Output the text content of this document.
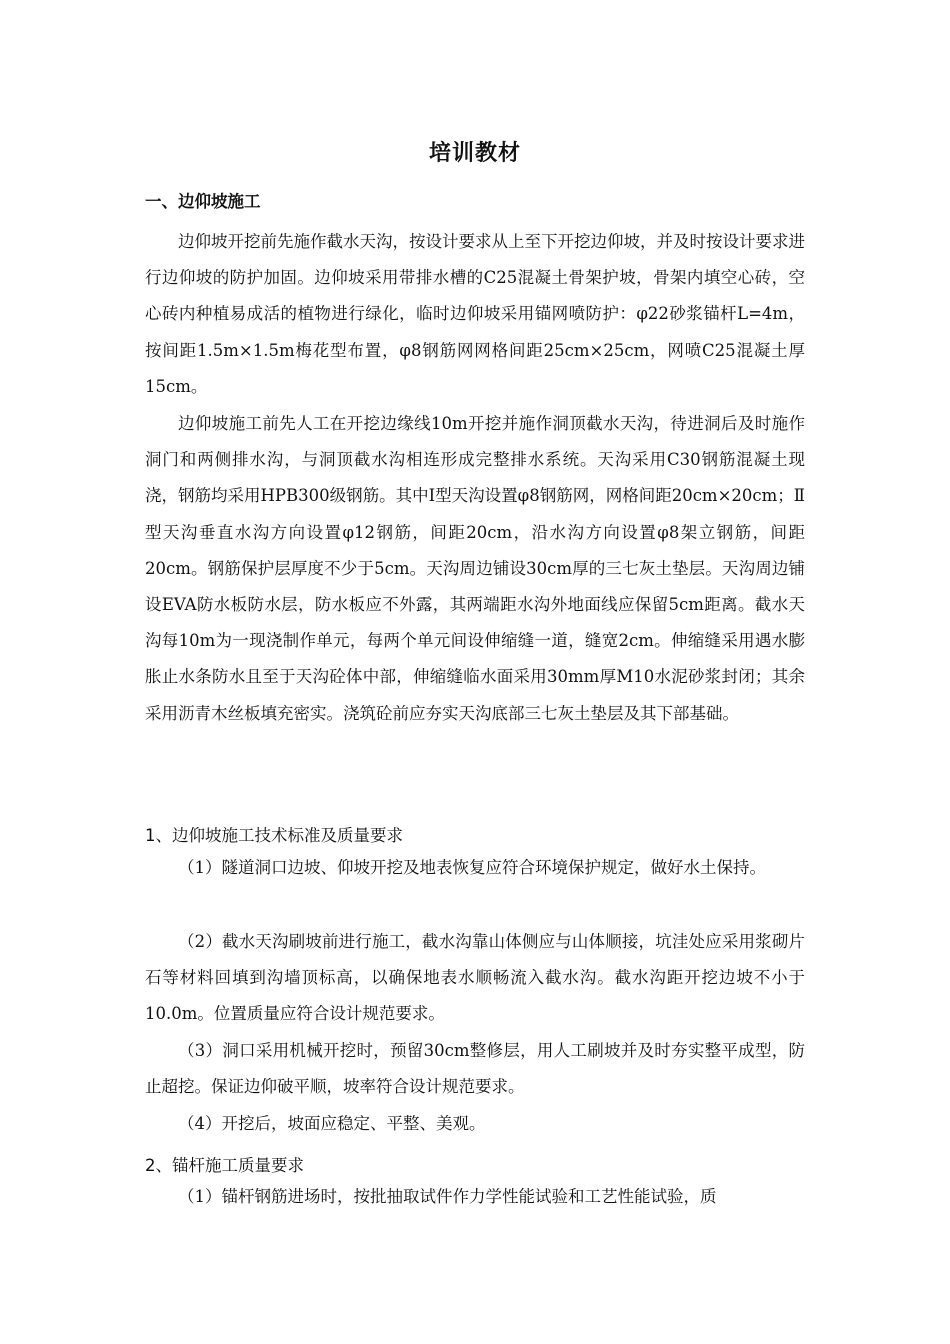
培训教材
一、边仰坡施工

边仰坡开挖前先施作截水天沟，按设计要求从上至下开挖边仰坡，并及时按设计要求进行边仰坡的防护加固。边仰坡采用带排水槽的C25混凝土骨架护坡，骨架内填空心砖，空心砖内种植易成活的植物进行绿化，临时边仰坡采用锚网喷防护：φ22砂浆锚杆L=4m，按间距1.5m×1.5m梅花型布置，φ8钢筋网网格间距25cm×25cm，网喷C25混凝土厚15cm。

边仰坡施工前先人工在开挖边缘线10m开挖并施作洞顶截水天沟，待进洞后及时施作洞门和两侧排水沟，与洞顶截水沟相连形成完整排水系统。天沟采用C30钢筋混凝土现浇，钢筋均采用HPB300级钢筋。其中Ⅰ型天沟设置φ8钢筋网，网格间距20cm×20cm；Ⅱ型天沟垂直水沟方向设置φ12钢筋，间距20cm，沿水沟方向设置φ8架立钢筋，间距20cm。钢筋保护层厚度不少于5cm。天沟周边铺设30cm厚的三七灰土垫层。天沟周边铺设EVA防水板防水层，防水板应不外露，其两端距水沟外地面线应保留5cm距离。截水天沟每10m为一现浇制作单元，每两个单元间设伸缩缝一道，缝宽2cm。伸缩缝采用遇水膨胀止水条防水且至于天沟砼体中部，伸缩缝临水面采用30mm厚M10水泥砂浆封闭；其余采用沥青木丝板填充密实。浇筑砼前应夯实天沟底部三七灰土垫层及其下部基础。

1、边仰坡施工技术标准及质量要求

（1）隧道洞口边坡、仰坡开挖及地表恢复应符合环境保护规定，做好水土保持。

（2）截水天沟刷坡前进行施工，截水沟靠山体侧应与山体顺接，坑洼处应采用浆砌片石等材料回填到沟墙顶标高，以确保地表水顺畅流入截水沟。截水沟距开挖边坡不小于10.0m。位置质量应符合设计规范要求。

（3）洞口采用机械开挖时，预留30cm整修层，用人工刷坡并及时夯实整平成型，防止超挖。保证边仰破平顺，坡率符合设计规范要求。

（4）开挖后，坡面应稳定、平整、美观。

2、锚杆施工质量要求

（1）锚杆钢筋进场时，按批抽取试件作力学性能试验和工艺性能试验，质
